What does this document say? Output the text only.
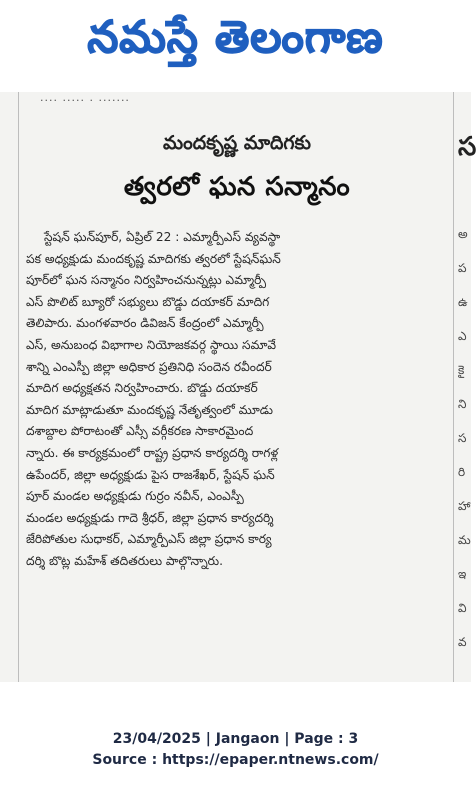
నమస్తే తెలంగాణ
···· ····· · ·······
మందకృష్ణ మాదిగకు
త్వరలో ఘన సన్మానం

స్టేషన్ ఘన్‌పూర్, ఏప్రిల్ 22 : ఎమ్మార్పీఎస్ వ్యవస్థా
పక అధ్యక్షుడు మందకృష్ణ మాదిగకు త్వరలో స్టేషన్‌ఘన్
పూర్‌లో ఘన సన్మానం నిర్వహించనున్నట్లు ఎమ్మార్పీ
ఎస్ పొలిట్ బ్యూరో సభ్యులు బొడ్డు దయాకర్ మాదిగ
తెలిపారు. మంగళవారం డివిజన్ కేంద్రంలో ఎమ్మార్పీ
ఎస్, అనుబంధ విభాగాల నియోజకవర్గ స్థాయి సమావే
శాన్ని ఎంఎస్పీ జిల్లా అధికార ప్రతినిధి సందెన రవీందర్
మాదిగ అధ్యక్షతన నిర్వహించారు. బొడ్డు దయాకర్
మాదిగ మాట్లాడుతూ మందకృష్ణ నేతృత్వంలో మూడు
దశాబ్దాల పోరాటంతో ఎస్సీ వర్గీకరణ సాకారమైంద
న్నారు. ఈ కార్యక్రమంలో రాష్ట్ర ప్రధాన కార్యదర్శి రాగళ్ల
ఉపేందర్, జిల్లా అధ్యక్షుడు పైస రాజశేఖర్, స్టేషన్ ఘన్
పూర్ మండల అధ్యక్షుడు గుర్రం నవీన్, ఎంఎస్పీ
మండల అధ్యక్షుడు గాదె శ్రీధర్, జిల్లా ప్రధాన కార్యదర్శి
జేరిపోతుల సుధాకర్, ఎమ్మార్పీఎస్ జిల్లా ప్రధాన కార్య
దర్శి బొట్ల మహేశ్ తదితరులు పాల్గొన్నారు.

స
అ
ప
ఉ
ఎ
కై
ని
స
రి
హా
మ
ఇ
వి
వ
23/04/2025 | Jangaon | Page : 3
Source : https://epaper.ntnews.com/
